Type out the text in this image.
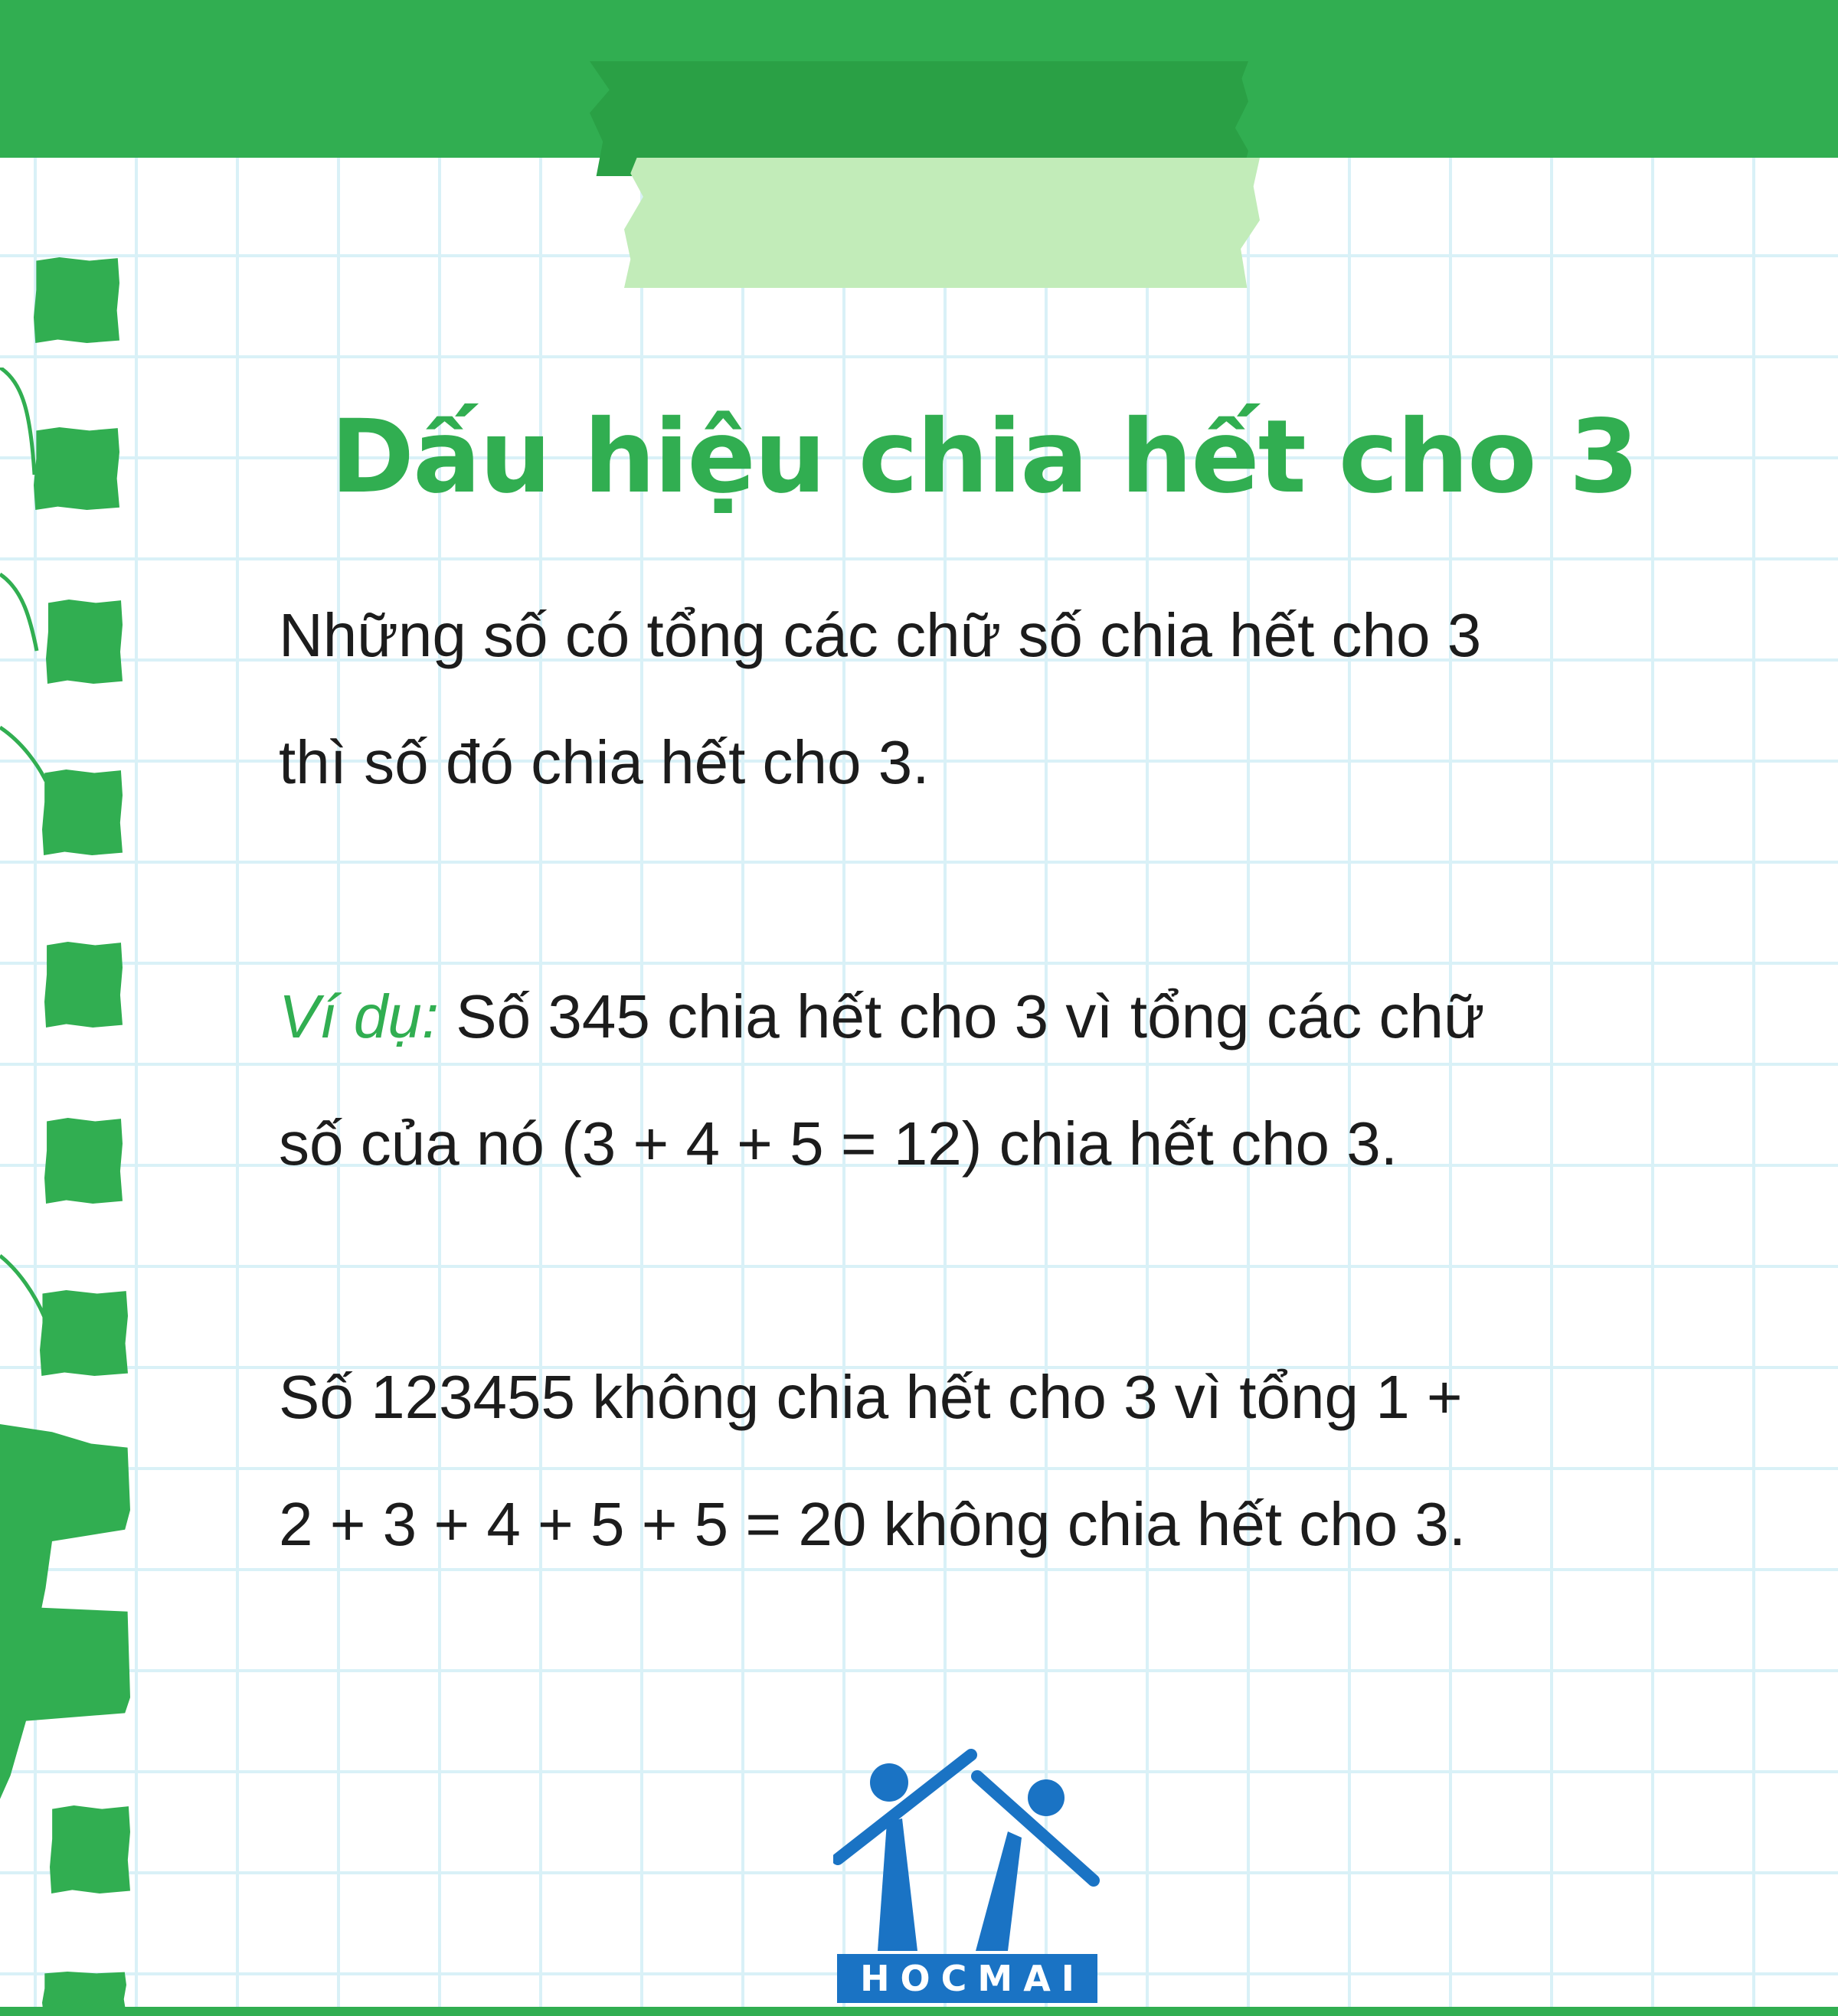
Dấu hiệu chia hết cho 3
Những số có tổng các chữ số chia hết cho 3
thì số đó chia hết cho 3.
Ví dụ: Số 345 chia hết cho 3 vì tổng các chữ
số của nó (3 + 4 + 5 = 12) chia hết cho 3.
Số 123455 không chia hết cho 3 vì tổng 1 +
2 + 3 + 4 + 5 + 5 = 20 không chia hết cho 3.
HOCMAI
